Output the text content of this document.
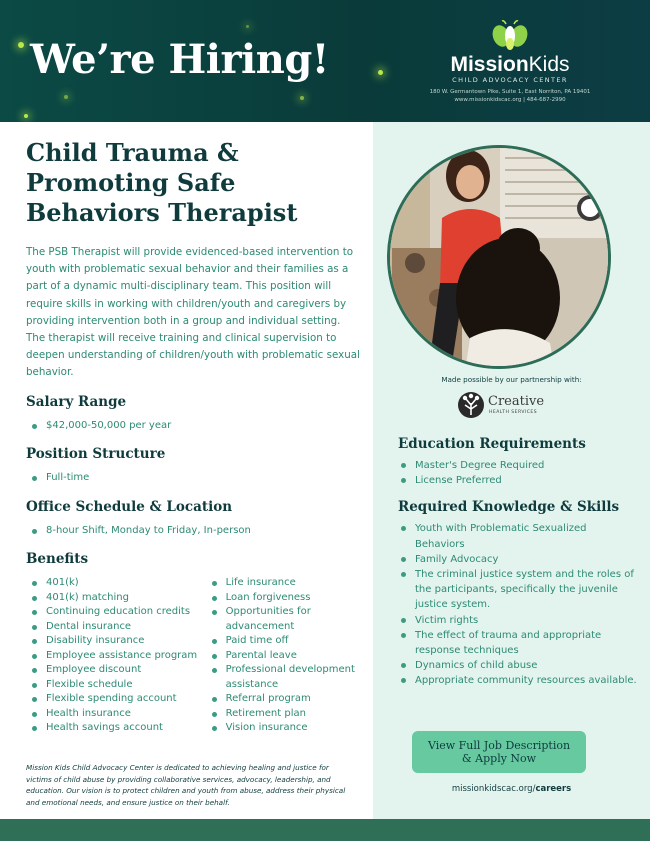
We’re Hiring!	MissionKids
CHILD ADVOCACY CENTER
180 W. Germantown Pike, Suite 1, East Norriton, PA 19401
www.missionkidscac.org | 484-687-2990
Child Trauma &
Promoting Safe
Behaviors Therapist

The PSB Therapist will provide evidenced-based intervention to youth with problematic sexual behavior and their families as a part of a dynamic multi-disciplinary team. This position will require skills in working with children/youth and caregivers by providing intervention both in a group and individual setting. The therapist will receive training and clinical supervision to deepen understanding of children/youth with problematic sexual behavior.

Salary Range
$42,000-50,000 per year
Position Structure
Full-time
Office Schedule & Location
8-hour Shift, Monday to Friday, In-person
Benefits
401(k)
401(k) matching
Continuing education credits
Dental insurance
Disability insurance
Employee assistance program
Employee discount
Flexible schedule
Flexible spending account
Health insurance
Health savings account
Life insurance
Loan forgiveness
Opportunities for advancement
Paid time off
Parental leave
Professional development assistance
Referral program
Retirement plan
Vision insurance

Mission Kids Child Advocacy Center is dedicated to achieving healing and justice for victims of child abuse by providing collaborative services, advocacy, leadership, and education. Our vision is to protect children and youth from abuse, address their physical and emotional needs, and ensure justice on their behalf.

Made possible by our partnership with:
Creative
HEALTH SERVICES
Education Requirements
Master's Degree Required
License Preferred
Required Knowledge & Skills
Youth with Problematic Sexualized Behaviors
Family Advocacy
The criminal justice system and the roles of the participants, specifically the juvenile justice system.
Victim rights
The effect of trauma and appropriate response techniques
Dynamics of child abuse
Appropriate community resources available.
View Full Job Description
& Apply Now
missionkidscac.org/careers
